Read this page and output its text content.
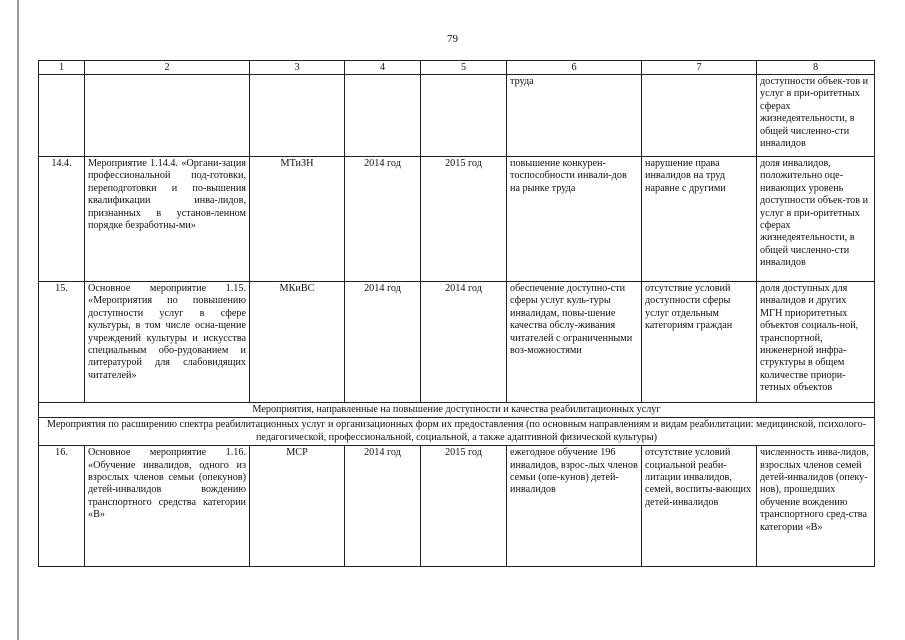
79
1	2	3	4	5	6	7	8
					труда		доступности объек-тов и услуг в при-оритетных сферах жизнедеятельности, в общей численно-сти инвалидов
14.4.	Мероприятие 1.14.4. «Органи-зация профессиональной под-готовки, переподготовки и по-вышения квалификации инва-лидов, признанных в установ-ленном порядке безработны-ми»	МТиЗН	2014 год	2015 год	повышение конкурен-тоспособности инвали-дов на рынке труда	нарушение права инвалидов на труд наравне с другими	доля инвалидов, положительно оце-нивающих уровень доступности объек-тов и услуг в при-оритетных сферах жизнедеятельности, в общей численно-сти инвалидов
15.	Основное мероприятие 1.15. «Мероприятия по повышению доступности услуг в сфере культуры, в том числе осна-щение учреждений культуры и искусства специальным обо-рудованием и литературой для слабовидящих читателей»	МКиВС	2014 год	2014 год	обеспечение доступно-сти сферы услуг куль-туры инвалидам, повы-шение качества обслу-живания читателей с ограниченными воз-можностями	отсутствие условий доступности сферы услуг отдельным категориям граждан	доля доступных для инвалидов и других МГН приоритетных объектов социаль-ной, транспортной, инженерной инфра-структуры в общем количестве приори-тетных объектов
Мероприятия, направленные на повышение доступности и качества реабилитационных услуг							
Мероприятия по расширению спектра реабилитационных услуг и организационных форм их предоставления (по основным направлениям и видам реабилитации: медицинской, психолого-педагогической, профессиональной, социальной, а также адаптивной физической культуры)							
16.	Основное мероприятие 1.16. «Обучение инвалидов, одного из взрослых членов семьи (опекунов) детей-инвалидов вождению транспортного средства категории «В»	МСР	2014 год	2015 год	ежегодное обучение 196 инвалидов, взрос-лых членов семьи (опе-кунов) детей-инвалидов	отсутствие условий социальной реаби-литации инвалидов, семей, воспиты-вающих детей-инвалидов	численность инва-лидов, взрослых членов семей детей-инвалидов (опеку-нов), прошедших обучение вождению транспортного сред-ства категории «В»
